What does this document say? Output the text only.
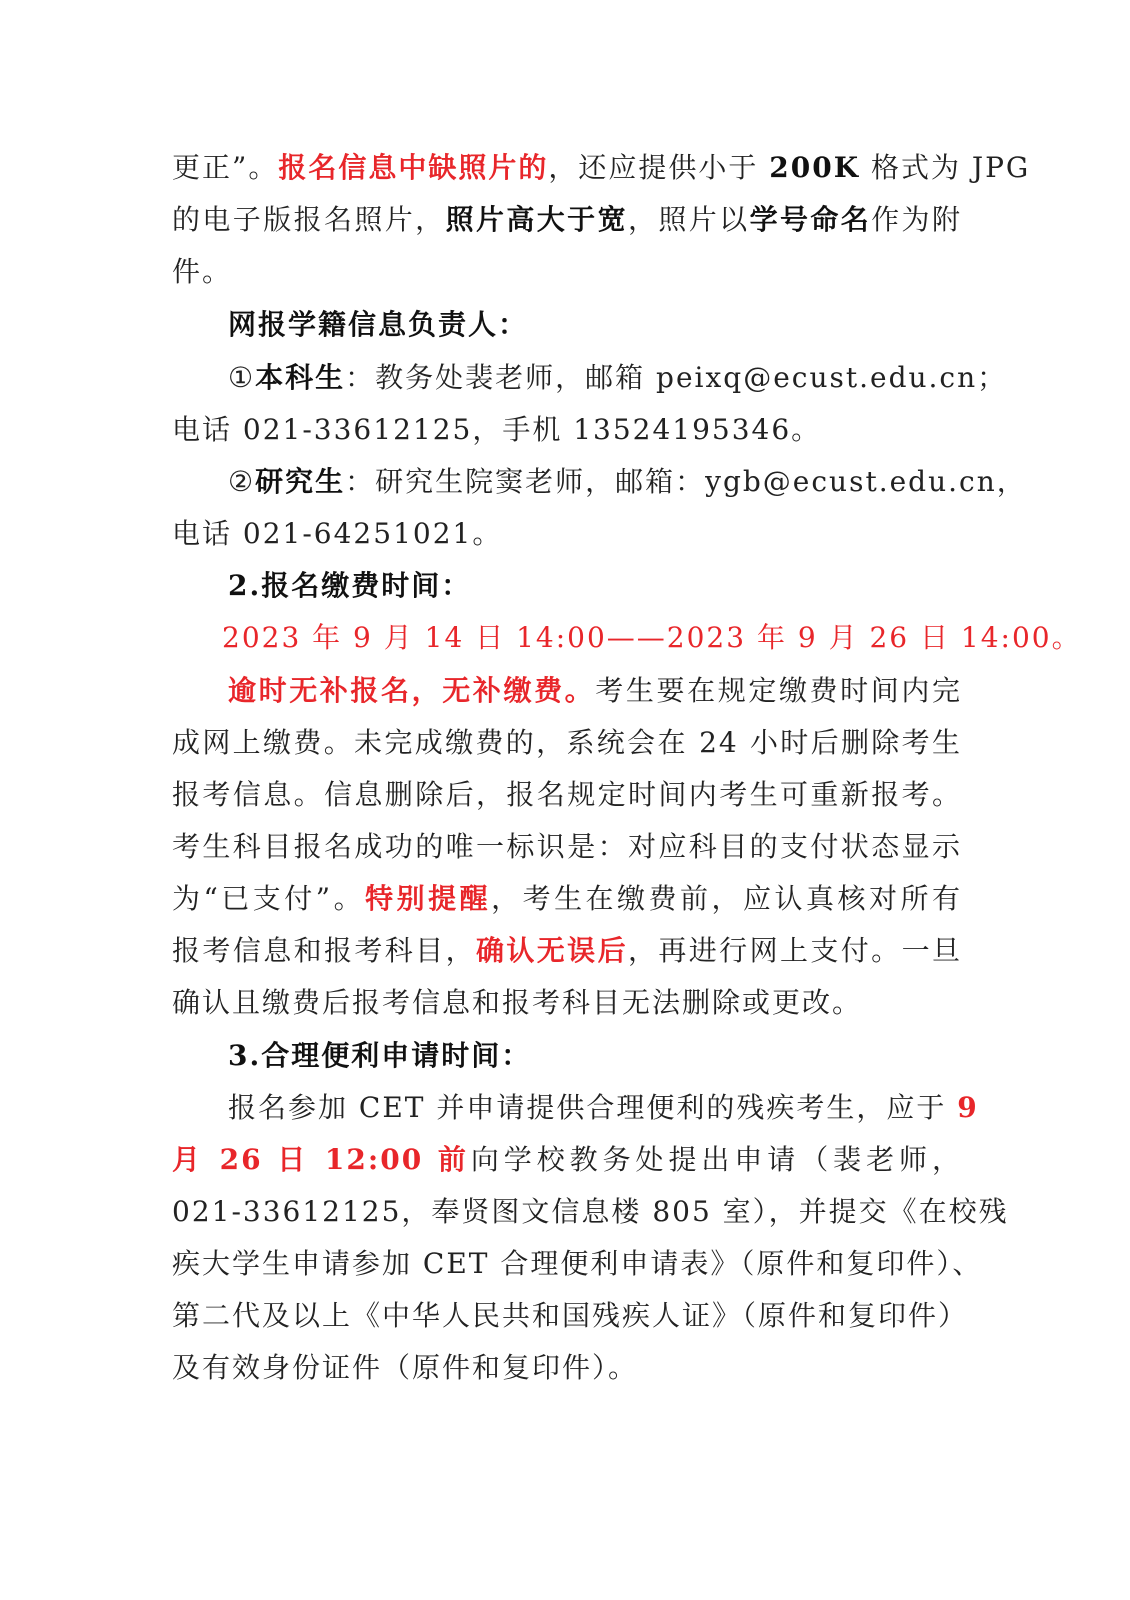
更正”。报名信息中缺照片的，还应提供小于 200K 格式为 JPG
的电子版报名照片，照片高大于宽，照片以学号命名作为附
件。
网报学籍信息负责人：
①本科生：教务处裴老师，邮箱 peixq@ecust.edu.cn；
电话 021-33612125，手机 13524195346。
②研究生：研究生院窦老师，邮箱：ygb@ecust.edu.cn，
电话 021-64251021。
2.报名缴费时间：
2023 年 9 月 14 日 14:00——2023 年 9 月 26 日 14:00。
逾时无补报名，无补缴费。考生要在规定缴费时间内完
成网上缴费。未完成缴费的，系统会在 24 小时后删除考生
报考信息。信息删除后，报名规定时间内考生可重新报考。
考生科目报名成功的唯一标识是：对应科目的支付状态显示
为“已支付”。特别提醒，考生在缴费前，应认真核对所有
报考信息和报考科目，确认无误后，再进行网上支付。一旦
确认且缴费后报考信息和报考科目无法删除或更改。
3.合理便利申请时间：
报名参加 CET 并申请提供合理便利的残疾考生，应于 9
月 26 日 12:00 前向学校教务处提出申请（裴老师，
021-33612125，奉贤图文信息楼 805 室），并提交《在校残
疾大学生申请参加 CET 合理便利申请表》（原件和复印件）、
第二代及以上《中华人民共和国残疾人证》（原件和复印件）
及有效身份证件（原件和复印件）。
